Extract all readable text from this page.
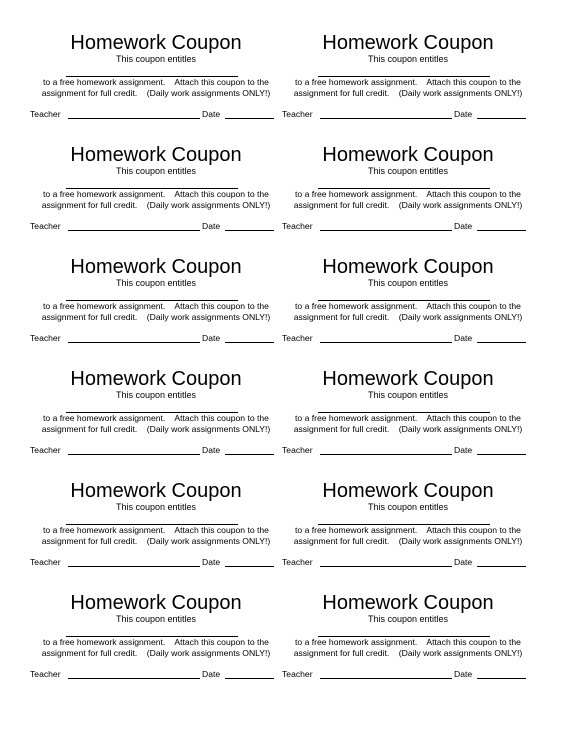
Homework Coupon
This coupon entitles
to a free homework assignment.    Attach this coupon to the
assignment for full credit.    (Daily work assignments ONLY!)
Teacher	Date
Homework Coupon
This coupon entitles
to a free homework assignment.    Attach this coupon to the
assignment for full credit.    (Daily work assignments ONLY!)
Teacher	Date
Homework Coupon
This coupon entitles
to a free homework assignment.    Attach this coupon to the
assignment for full credit.    (Daily work assignments ONLY!)
Teacher	Date
Homework Coupon
This coupon entitles
to a free homework assignment.    Attach this coupon to the
assignment for full credit.    (Daily work assignments ONLY!)
Teacher	Date
Homework Coupon
This coupon entitles
to a free homework assignment.    Attach this coupon to the
assignment for full credit.    (Daily work assignments ONLY!)
Teacher	Date
Homework Coupon
This coupon entitles
to a free homework assignment.    Attach this coupon to the
assignment for full credit.    (Daily work assignments ONLY!)
Teacher	Date
Homework Coupon
This coupon entitles
to a free homework assignment.    Attach this coupon to the
assignment for full credit.    (Daily work assignments ONLY!)
Teacher	Date
Homework Coupon
This coupon entitles
to a free homework assignment.    Attach this coupon to the
assignment for full credit.    (Daily work assignments ONLY!)
Teacher	Date
Homework Coupon
This coupon entitles
to a free homework assignment.    Attach this coupon to the
assignment for full credit.    (Daily work assignments ONLY!)
Teacher	Date
Homework Coupon
This coupon entitles
to a free homework assignment.    Attach this coupon to the
assignment for full credit.    (Daily work assignments ONLY!)
Teacher	Date
Homework Coupon
This coupon entitles
to a free homework assignment.    Attach this coupon to the
assignment for full credit.    (Daily work assignments ONLY!)
Teacher	Date
Homework Coupon
This coupon entitles
to a free homework assignment.    Attach this coupon to the
assignment for full credit.    (Daily work assignments ONLY!)
Teacher	Date
